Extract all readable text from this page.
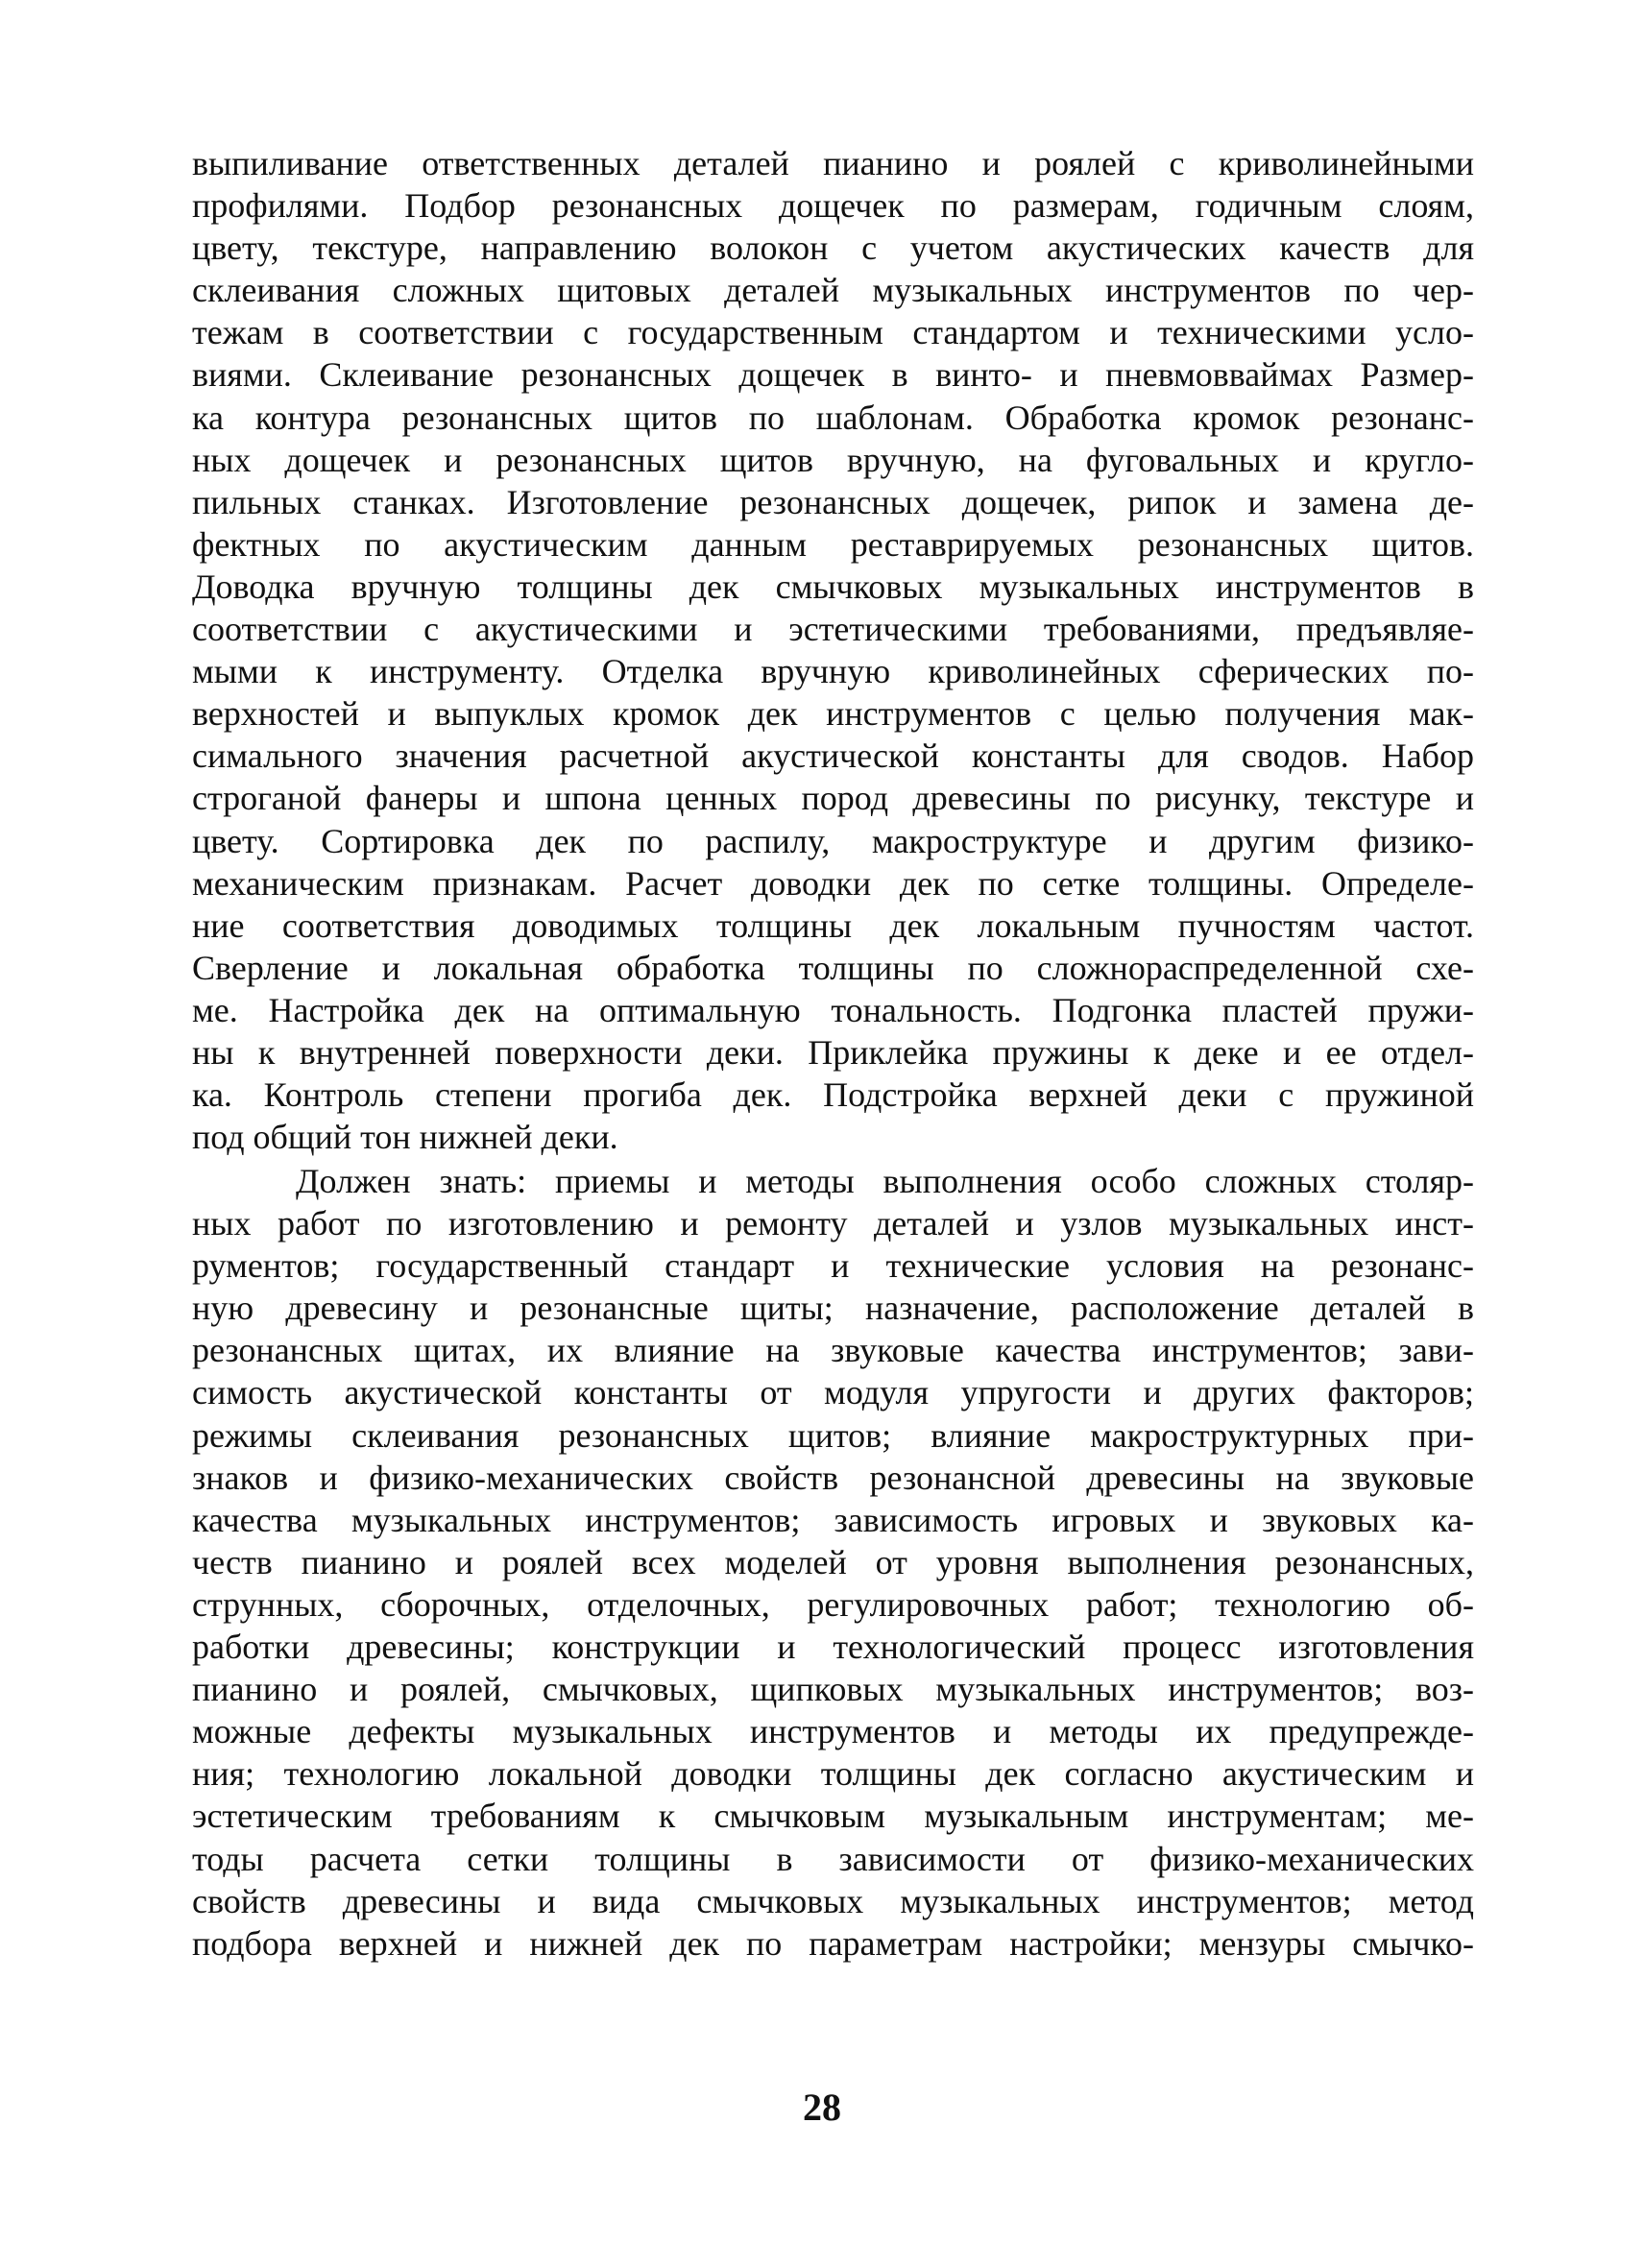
выпиливание ответственных деталей пианино и роялей с криволинейными
профилями. Подбор резонансных дощечек по размерам, годичным слоям,
цвету, текстуре, направлению волокон с учетом акустических качеств для
склеивания сложных щитовых деталей музыкальных инструментов по чер-
тежам в соответствии с государственным стандартом и техническими усло-
виями. Склеивание резонансных дощечек в винто- и пневмовваймах Размер-
ка контура резонансных щитов по шаблонам. Обработка кромок резонанс-
ных дощечек и резонансных щитов вручную, на фуговальных и кругло-
пильных станках. Изготовление резонансных дощечек, рипок и замена де-
фектных по акустическим данным реставрируемых резонансных щитов.
Доводка вручную толщины дек смычковых музыкальных инструментов в
соответствии с акустическими и эстетическими требованиями, предъявляе-
мыми к инструменту. Отделка вручную криволинейных сферических по-
верхностей и выпуклых кромок дек инструментов с целью получения мак-
симального значения расчетной акустической константы для сводов. Набор
строганой фанеры и шпона ценных пород древесины по рисунку, текстуре и
цвету. Сортировка дек по распилу, макроструктуре и другим физико-
механическим признакам. Расчет доводки дек по сетке толщины. Определе-
ние соответствия доводимых толщины дек локальным пучностям частот.
Сверление и локальная обработка толщины по сложнораспределенной схе-
ме. Настройка дек на оптимальную тональность. Подгонка пластей пружи-
ны к внутренней поверхности деки. Приклейка пружины к деке и ее отдел-
ка. Контроль степени прогиба дек. Подстройка верхней деки с пружиной
под общий тон нижней деки.
Должен знать: приемы и методы выполнения особо сложных столяр-
ных работ по изготовлению и ремонту деталей и узлов музыкальных инст-
рументов; государственный стандарт и технические условия на резонанс-
ную древесину и резонансные щиты; назначение, расположение деталей в
резонансных щитах, их влияние на звуковые качества инструментов; зави-
симость акустической константы от модуля упругости и других факторов;
режимы склеивания резонансных щитов; влияние макроструктурных при-
знаков и физико-механических свойств резонансной древесины на звуковые
качества музыкальных инструментов; зависимость игровых и звуковых ка-
честв пианино и роялей всех моделей от уровня выполнения резонансных,
струнных, сборочных, отделочных, регулировочных работ; технологию об-
работки древесины; конструкции и технологический процесс изготовления
пианино и роялей, смычковых, щипковых музыкальных инструментов; воз-
можные дефекты музыкальных инструментов и методы их предупрежде-
ния; технологию локальной доводки толщины дек согласно акустическим и
эстетическим требованиям к смычковым музыкальным инструментам; ме-
тоды расчета сетки толщины в зависимости от физико-механических
свойств древесины и вида смычковых музыкальных инструментов; метод
подбора верхней и нижней дек по параметрам настройки; мензуры смычко-
28
